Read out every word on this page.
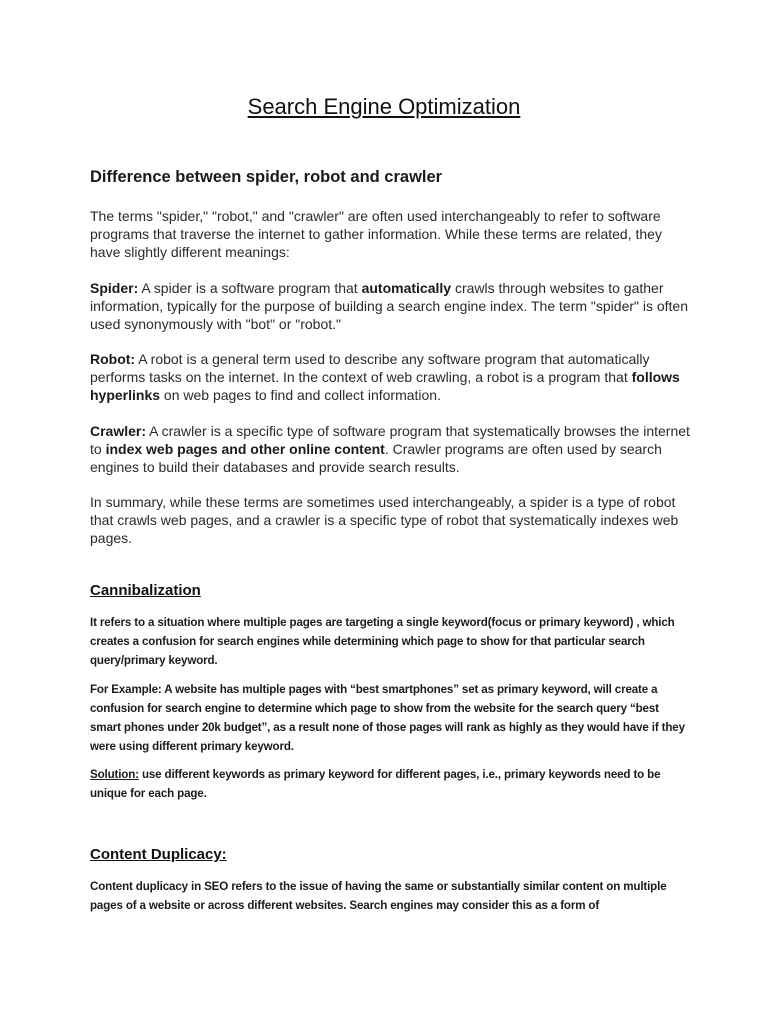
Search Engine Optimization
Difference between spider, robot and crawler

The terms "spider," "robot," and "crawler" are often used interchangeably to refer to software programs that traverse the internet to gather information. While these terms are related, they have slightly different meanings:

Spider: A spider is a software program that automatically crawls through websites to gather information, typically for the purpose of building a search engine index. The term "spider" is often used synonymously with "bot" or "robot."

Robot: A robot is a general term used to describe any software program that automatically performs tasks on the internet. In the context of web crawling, a robot is a program that follows hyperlinks on web pages to find and collect information.

Crawler: A crawler is a specific type of software program that systematically browses the internet to index web pages and other online content. Crawler programs are often used by search engines to build their databases and provide search results.

In summary, while these terms are sometimes used interchangeably, a spider is a type of robot that crawls web pages, and a crawler is a specific type of robot that systematically indexes web pages.

Cannibalization

It refers to a situation where multiple pages are targeting a single keyword(focus or primary keyword) , which creates a confusion for search engines while determining which page to show for that particular search query/primary keyword.

For Example: A website has multiple pages with “best smartphones” set as primary keyword, will create a confusion for search engine to determine which page to show from the website for the search query “best smart phones under 20k budget”, as a result none of those pages will rank as highly as they would have if they were using different primary keyword.

Solution: use different keywords as primary keyword for different pages, i.e., primary keywords need to be unique for each page.

Content Duplicacy:

Content duplicacy in SEO refers to the issue of having the same or substantially similar content on multiple pages of a website or across different websites. Search engines may consider this as a form of
